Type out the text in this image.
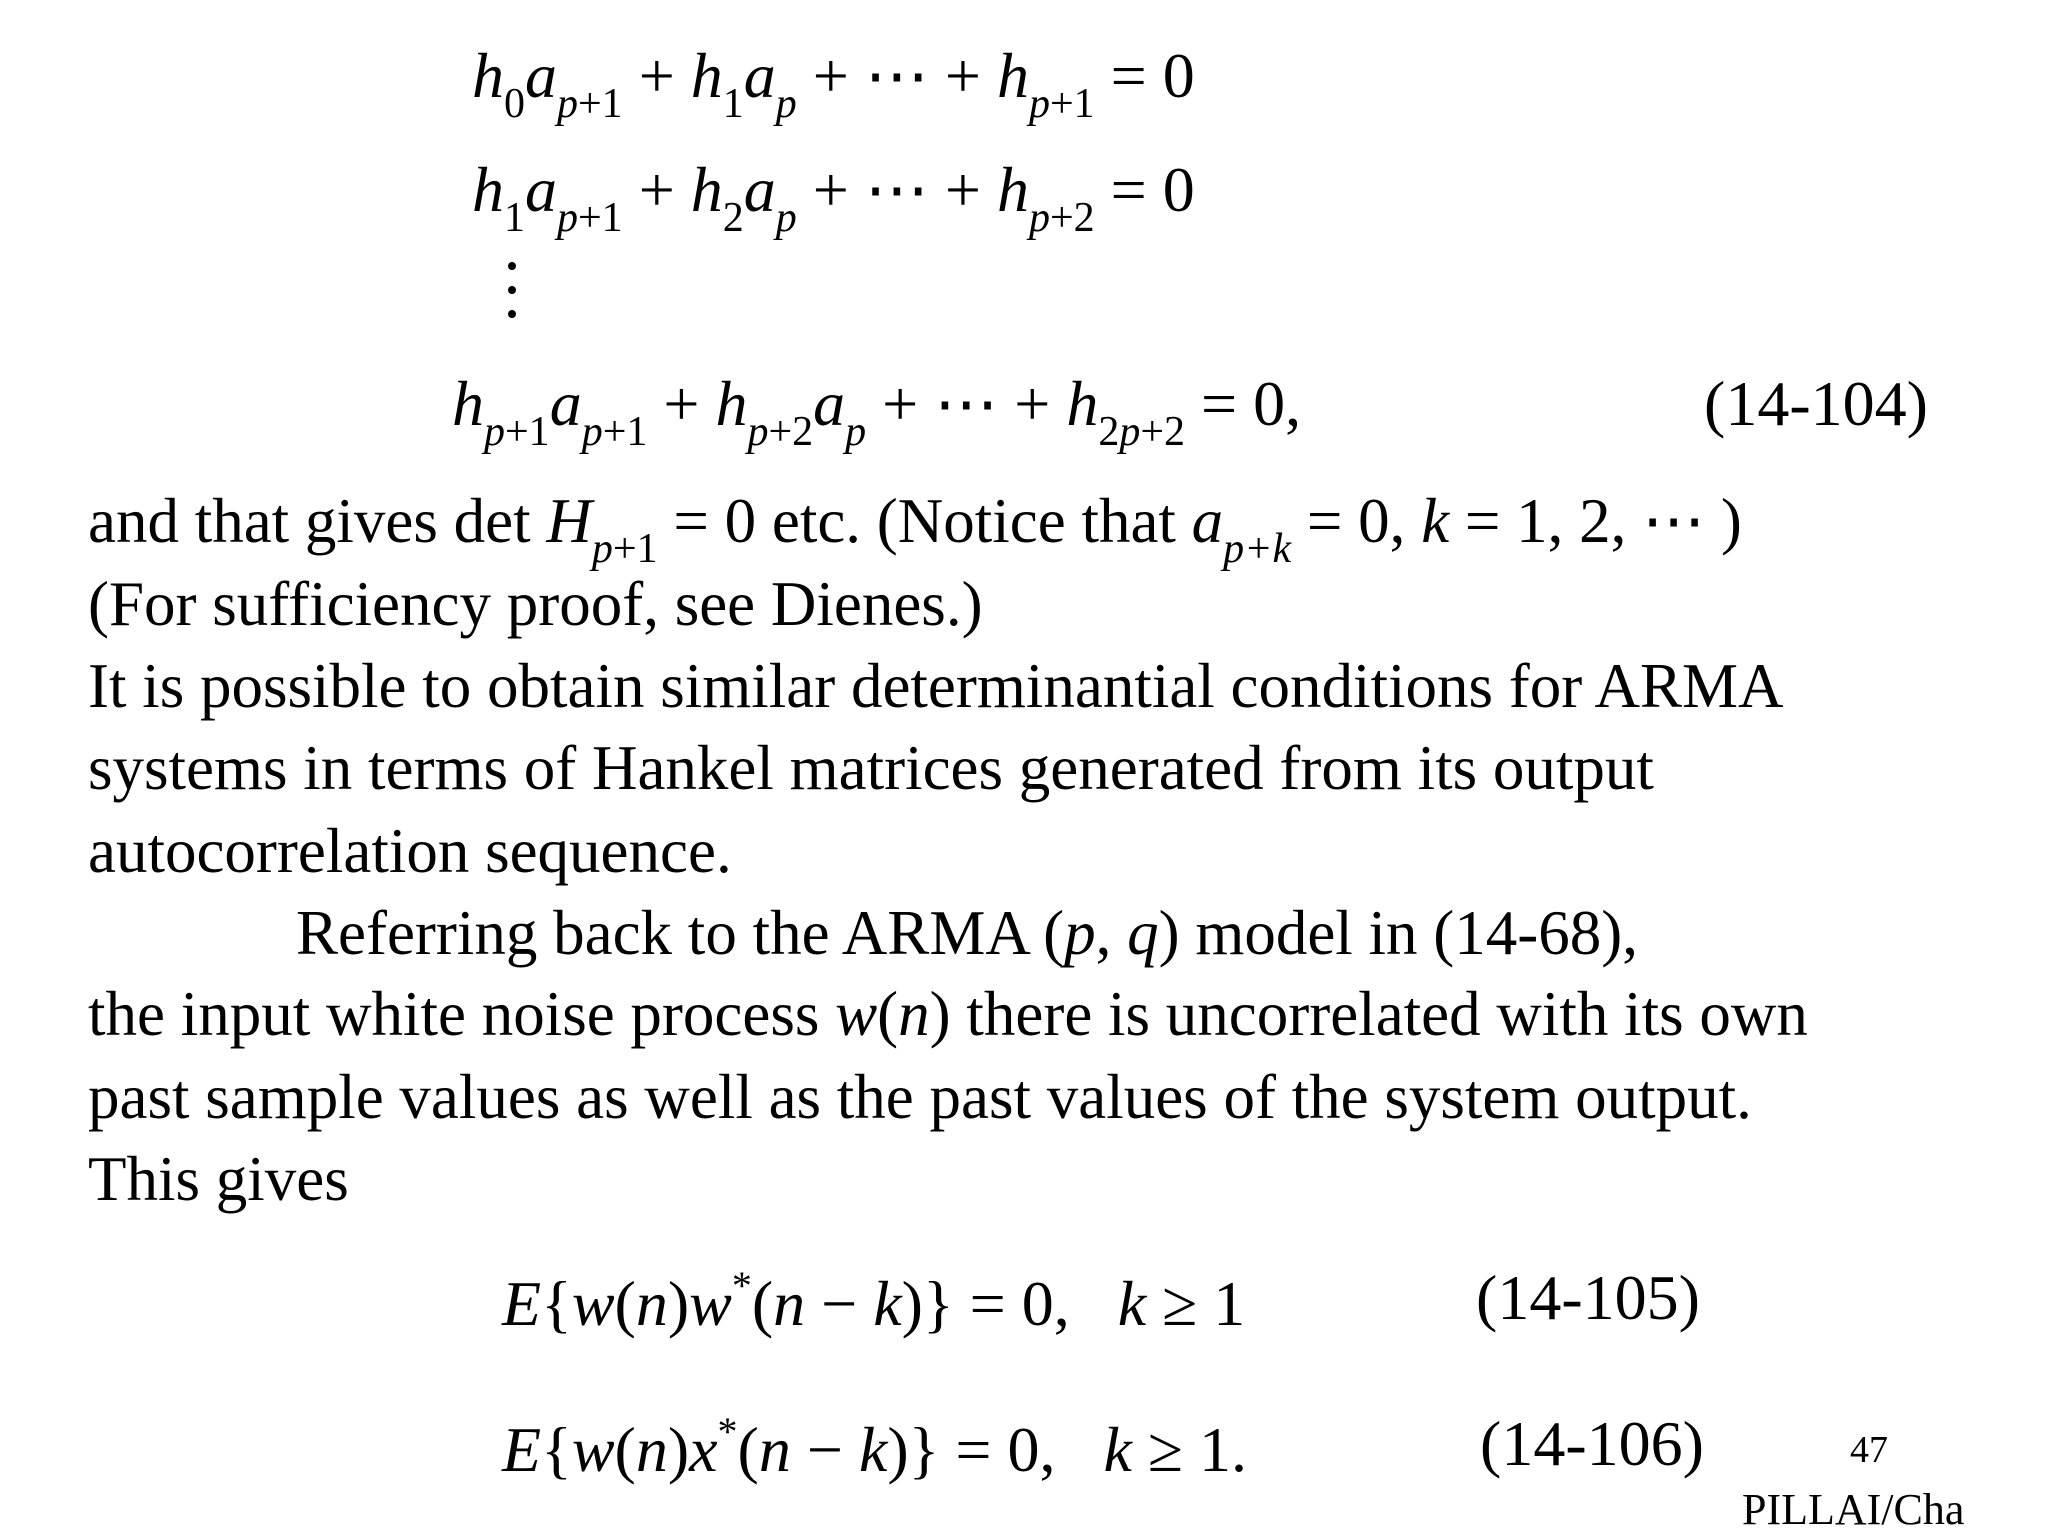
$h_0a_{p+1} + h_1a_p$ + ⋯ + $h_{p+1} = 0$
$h_1a_{p+1} + h_2a_p$ + ⋯ + $h_{p+2} = 0$
$h_{p+1}a_{p+1} + h_{p+2}a_p$ + ⋯ + $h_{2p+2} = 0$,	(14-104)
and that gives $\det H_{p+1} = 0$ etc. (Notice that $a_{p+k} = 0$, k = 1, 2, ⋯ )
(For sufficiency proof, see Dienes.)
It is possible to obtain similar determinantial conditions for ARMA
systems in terms of Hankel matrices generated from its output
autocorrelation sequence.
Referring back to the ARMA (p, q) model in (14-68),
the input white noise process w(n) there is uncorrelated with its own
past sample values as well as the past values of the system output.
This gives
E{w(n)w*(n − k)} = 0,   k ≥ 1	(14-105)
E{w(n)x*(n − k)} = 0,   k ≥ 1.	(14-106)	47
PILLAI/Cha
